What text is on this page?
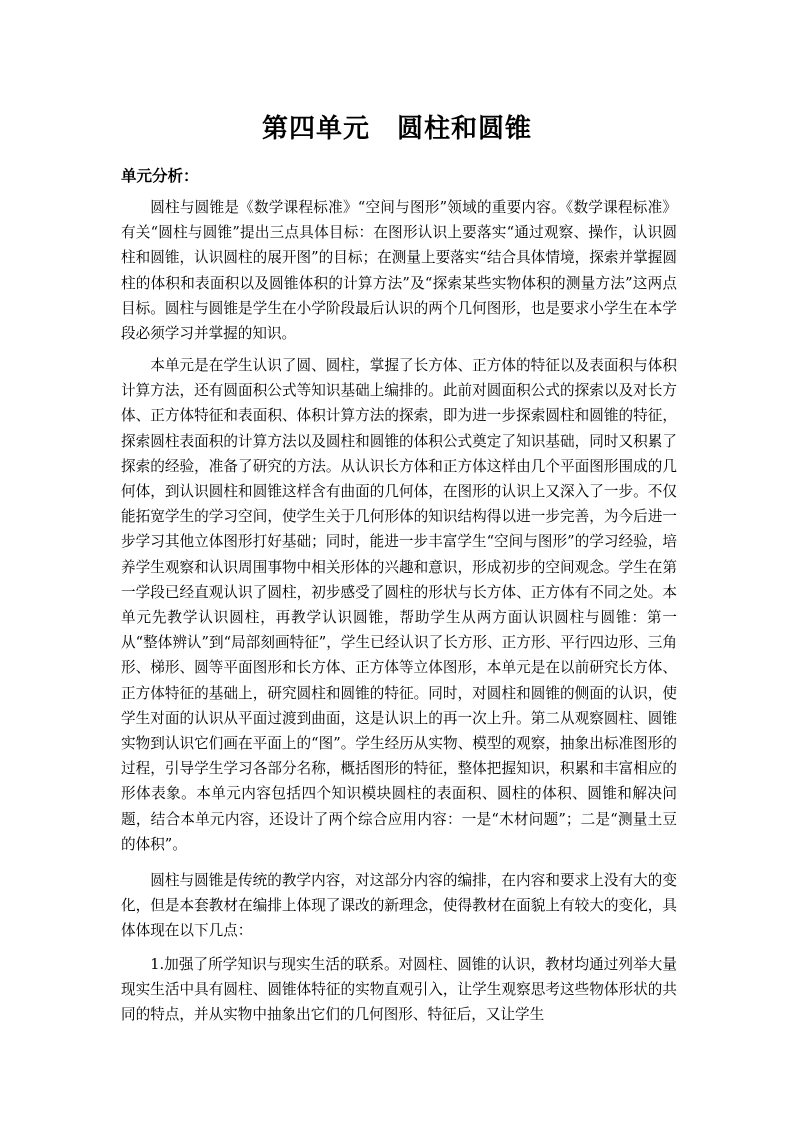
第四单元　圆柱和圆锥
单元分析：

圆柱与圆锥是《数学课程标准》“空间与图形”领域的重要内容。《数学课程标准》有关“圆柱与圆锥”提出三点具体目标：在图形认识上要落实“通过观察、操作，认识圆柱和圆锥，认识圆柱的展开图”的目标；在测量上要落实“结合具体情境，探索并掌握圆柱的体积和表面积以及圆锥体积的计算方法”及“探索某些实物体积的测量方法”这两点目标。圆柱与圆锥是学生在小学阶段最后认识的两个几何图形，也是要求小学生在本学段必须学习并掌握的知识。

本单元是在学生认识了圆、圆柱，掌握了长方体、正方体的特征以及表面积与体积计算方法，还有圆面积公式等知识基础上编排的。此前对圆面积公式的探索以及对长方体、正方体特征和表面积、体积计算方法的探索，即为进一步探索圆柱和圆锥的特征，探索圆柱表面积的计算方法以及圆柱和圆锥的体积公式奠定了知识基础，同时又积累了探索的经验，准备了研究的方法。从认识长方体和正方体这样由几个平面图形围成的几何体，到认识圆柱和圆锥这样含有曲面的几何体，在图形的认识上又深入了一步。不仅能拓宽学生的学习空间，使学生关于几何形体的知识结构得以进一步完善，为今后进一步学习其他立体图形打好基础；同时，能进一步丰富学生“空间与图形”的学习经验，培养学生观察和认识周围事物中相关形体的兴趣和意识，形成初步的空间观念。学生在第一学段已经直观认识了圆柱，初步感受了圆柱的形状与长方体、正方体有不同之处。本单元先教学认识圆柱，再教学认识圆锥，帮助学生从两方面认识圆柱与圆锥：第一从“整体辨认”到“局部刻画特征”，学生已经认识了长方形、正方形、平行四边形、三角形、梯形、圆等平面图形和长方体、正方体等立体图形，本单元是在以前研究长方体、正方体特征的基础上，研究圆柱和圆锥的特征。同时，对圆柱和圆锥的侧面的认识，使学生对面的认识从平面过渡到曲面，这是认识上的再一次上升。第二从观察圆柱、圆锥实物到认识它们画在平面上的“图”。学生经历从实物、模型的观察，抽象出标准图形的过程，引导学生学习各部分名称，概括图形的特征，整体把握知识，积累和丰富相应的形体表象。本单元内容包括四个知识模块圆柱的表面积、圆柱的体积、圆锥和解决问题，结合本单元内容，还设计了两个综合应用内容：一是“木材问题”；二是“测量土豆的体积”。

圆柱与圆锥是传统的教学内容，对这部分内容的编排，在内容和要求上没有大的变化，但是本套教材在编排上体现了课改的新理念，使得教材在面貌上有较大的变化，具体体现在以下几点：

1.加强了所学知识与现实生活的联系。对圆柱、圆锥的认识，教材均通过列举大量现实生活中具有圆柱、圆锥体特征的实物直观引入，让学生观察思考这些物体形状的共同的特点，并从实物中抽象出它们的几何图形、特征后，又让学生
